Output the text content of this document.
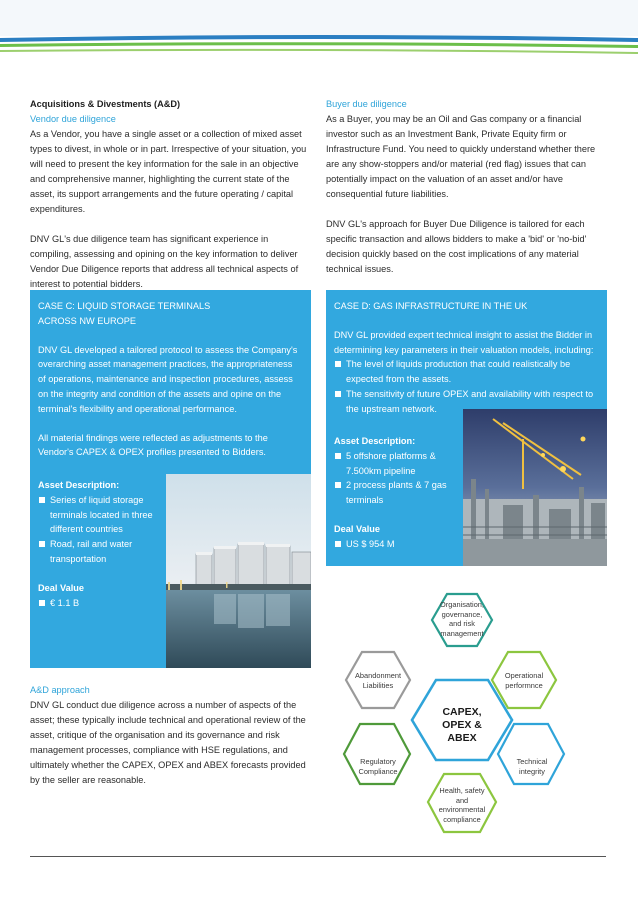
Acquisitions & Divestments (A&D)

Vendor due diligence

As a Vendor, you have a single asset or a collection of mixed asset types to divest, in whole or in part. Irrespective of your situation, you will need to present the key information for the sale in an objective and comprehensive manner, highlighting the current state of the asset, its support arrangements and the future operating / capital expenditures.

DNV GL's due diligence team has significant experience in compiling, assessing and opining on the key information to deliver Vendor Due Diligence reports that address all technical aspects of interest to potential bidders.

Buyer due diligence

As a Buyer, you may be an Oil and Gas company or a financial investor such as an Investment Bank, Private Equity firm or Infrastructure Fund. You need to quickly understand whether there are any show-stoppers and/or material (red flag) issues that can potentially impact on the valuation of an asset and/or have consequential future liabilities.

DNV GL's approach for Buyer Due Diligence is tailored for each specific transaction and allows bidders to make a 'bid' or 'no-bid' decision quickly based on the cost implications of any material technical issues.

CASE C: LIQUID STORAGE TERMINALS

ACROSS NW EUROPE

DNV GL developed a tailored protocol to assess the Company's overarching asset management practices, the appropriateness of operations, maintenance and inspection procedures, assess on the integrity and condition of the assets and opine on the terminal's flexibility and operational performance.

All material findings were reflected as adjustments to the Vendor's CAPEX & OPEX profiles presented to Bidders.

Asset Description:

Series of liquid storage terminals located in three different countries
Road, rail and water transportation

Deal Value

€ 1.1 B

CASE D: GAS INFRASTRUCTURE IN THE UK

DNV GL provided expert technical insight to assist the Bidder in determining key parameters in their valuation models, including:

The level of liquids production that could realistically be expected from the assets.
The sensitivity of future OPEX and availability with respect to the upstream network.

Asset Description:

5 offshore platforms & 7.500km pipeline
2 process plants & 7 gas terminals

Deal Value

US $ 954 M

A&D approach

DNV GL conduct due diligence across a number of aspects of the asset; these typically include technical and operational review of the asset, critique of the organisation and its governance and risk management processes, compliance with HSE regulations, and ultimately whether the CAPEX, OPEX and ABEX forecasts provided by the seller are reasonable.

CAPEX, OPEX & ABEX
Organisation, governance, and risk management
Abandonment Liabilities
Operational performnce
Regulatory Compliance
Technical integrity
Health, safety and environmental compliance
